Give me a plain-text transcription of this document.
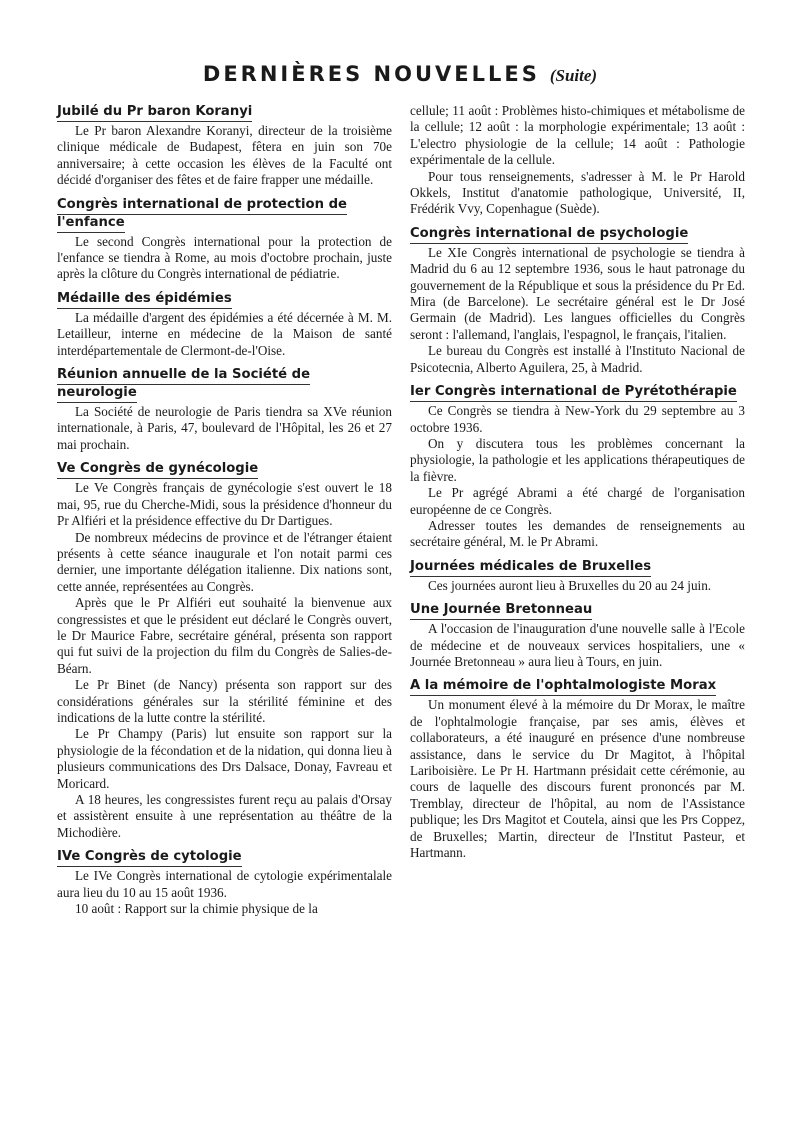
DERNIÈRES NOUVELLES (Suite)
Jubilé du Pr baron Koranyi

Le Pr baron Alexandre Koranyi, directeur de la troisième clinique médicale de Budapest, fêtera en juin son 70e anniversaire; à cette occasion les élèves de la Faculté ont décidé d'organiser des fêtes et de faire frapper une médaille.

Congrès international de protection de l'enfance

Le second Congrès international pour la protection de l'enfance se tiendra à Rome, au mois d'octobre prochain, juste après la clôture du Congrès international de pédiatrie.

Médaille des épidémies

La médaille d'argent des épidémies a été décernée à M. M. Letailleur, interne en médecine de la Maison de santé interdépartementale de Clermont-de-l'Oise.

Réunion annuelle de la Société de neurologie

La Société de neurologie de Paris tiendra sa XVe réunion internationale, à Paris, 47, boulevard de l'Hôpital, les 26 et 27 mai prochain.

Ve Congrès de gynécologie

Le Ve Congrès français de gynécologie s'est ouvert le 18 mai, 95, rue du Cherche-Midi, sous la présidence d'honneur du Pr Alfiéri et la présidence effective du Dr Dartigues.

De nombreux médecins de province et de l'étranger étaient présents à cette séance inaugurale et l'on notait parmi ces dernier, une importante délégation italienne. Dix nations sont, cette année, représentées au Congrès.

Après que le Pr Alfiéri eut souhaité la bienvenue aux congressistes et que le président eut déclaré le Congrès ouvert, le Dr Maurice Fabre, secrétaire général, présenta son rapport qui fut suivi de la projection du film du Congrès de Salies-de-Béarn.

Le Pr Binet (de Nancy) présenta son rapport sur des considérations générales sur la stérilité féminine et des indications de la lutte contre la stérilité.

Le Pr Champy (Paris) lut ensuite son rapport sur la physiologie de la fécondation et de la nidation, qui donna lieu à plusieurs communications des Drs Dalsace, Donay, Favreau et Moricard.

A 18 heures, les congressistes furent reçu au palais d'Orsay et assistèrent ensuite à une représentation au théâtre de la Michodière.

IVe Congrès de cytologie

Le IVe Congrès international de cytologie expérimentalale aura lieu du 10 au 15 août 1936.

10 août : Rapport sur la chimie physique de la

cellule; 11 août : Problèmes histo-chimiques et métabolisme de la cellule; 12 août : la morphologie expérimentale; 13 août : L'electro physiologie de la cellule; 14 août : Pathologie expérimentale de la cellule.

Pour tous renseignements, s'adresser à M. le Pr Harold Okkels, Institut d'anatomie pathologique, Université, II, Frédérik Vvy, Copenhague (Suède).

Congrès international de psychologie

Le XIe Congrès international de psychologie se tiendra à Madrid du 6 au 12 septembre 1936, sous le haut patronage du gouvernement de la République et sous la présidence du Pr Ed. Mira (de Barcelone). Le secrétaire général est le Dr José Germain (de Madrid). Les langues officielles du Congrès seront : l'allemand, l'anglais, l'espagnol, le français, l'italien.

Le bureau du Congrès est installé à l'Instituto Nacional de Psicotecnia, Alberto Aguilera, 25, à Madrid.

Ier Congrès international de Pyrétothérapie

Ce Congrès se tiendra à New-York du 29 septembre au 3 octobre 1936.

On y discutera tous les problèmes concernant la physiologie, la pathologie et les applications thérapeutiques de la fièvre.

Le Pr agrégé Abrami a été chargé de l'organisation européenne de ce Congrès.

Adresser toutes les demandes de renseignements au secrétaire général, M. le Pr Abrami.

Journées médicales de Bruxelles

Ces journées auront lieu à Bruxelles du 20 au 24 juin.

Une Journée Bretonneau

A l'occasion de l'inauguration d'une nouvelle salle à l'Ecole de médecine et de nouveaux services hospitaliers, une « Journée Bretonneau » aura lieu à Tours, en juin.

A la mémoire de l'ophtalmologiste Morax

Un monument élevé à la mémoire du Dr Morax, le maître de l'ophtalmologie française, par ses amis, élèves et collaborateurs, a été inauguré en présence d'une nombreuse assistance, dans le service du Dr Magitot, à l'hôpital Lariboisière. Le Pr H. Hartmann présidait cette cérémonie, au cours de laquelle des discours furent prononcés par M. Tremblay, directeur de l'hôpital, au nom de l'Assistance publique; les Drs Magitot et Coutela, ainsi que les Prs Coppez, de Bruxelles; Martin, directeur de l'Institut Pasteur, et Hartmann.
